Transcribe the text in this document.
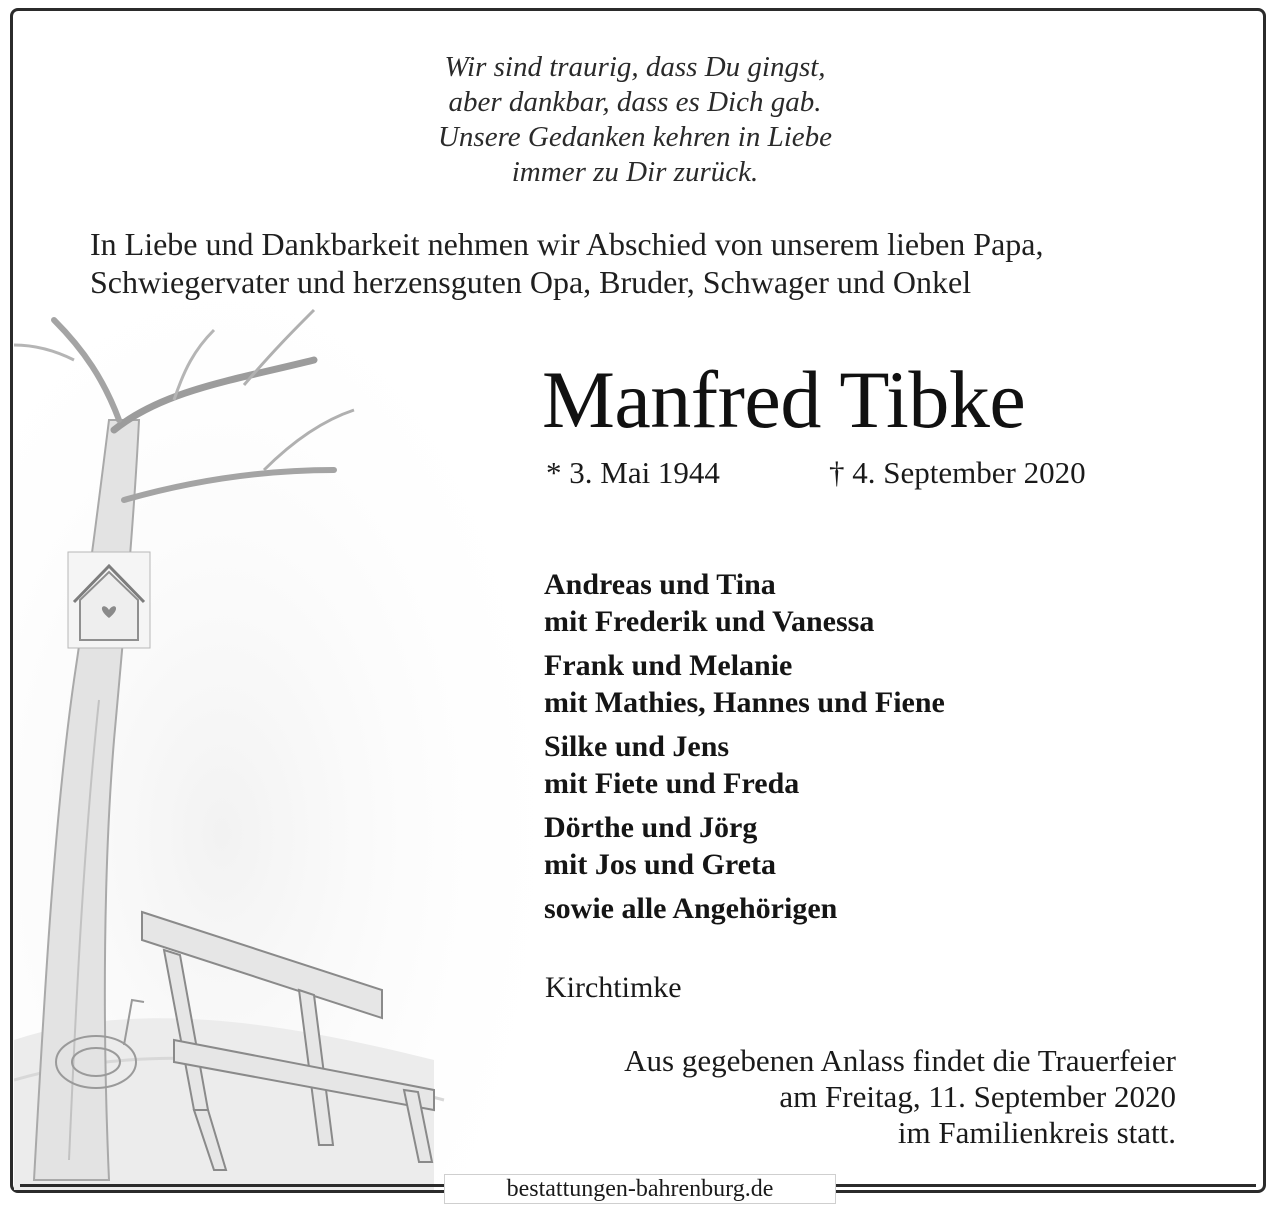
Wir sind traurig, dass Du gingst,
aber dankbar, dass es Dich gab.
Unsere Gedanken kehren in Liebe
immer zu Dir zurück.
In Liebe und Dankbarkeit nehmen wir Abschied von unserem lieben Papa,
Schwiegervater und herzensguten Opa, Bruder, Schwager und Onkel
Manfred Tibke
* 3. Mai 1944	† 4. September 2020
Andreas und Tina
mit Frederik und Vanessa
Frank und Melanie
mit Mathies, Hannes und Fiene
Silke und Jens
mit Fiete und Freda
Dörthe und Jörg
mit Jos und Greta
sowie alle Angehörigen
Kirchtimke
Aus gegebenen Anlass findet die Trauerfeier
am Freitag, 11. September 2020
im Familienkreis statt.
bestattungen-bahrenburg.de
